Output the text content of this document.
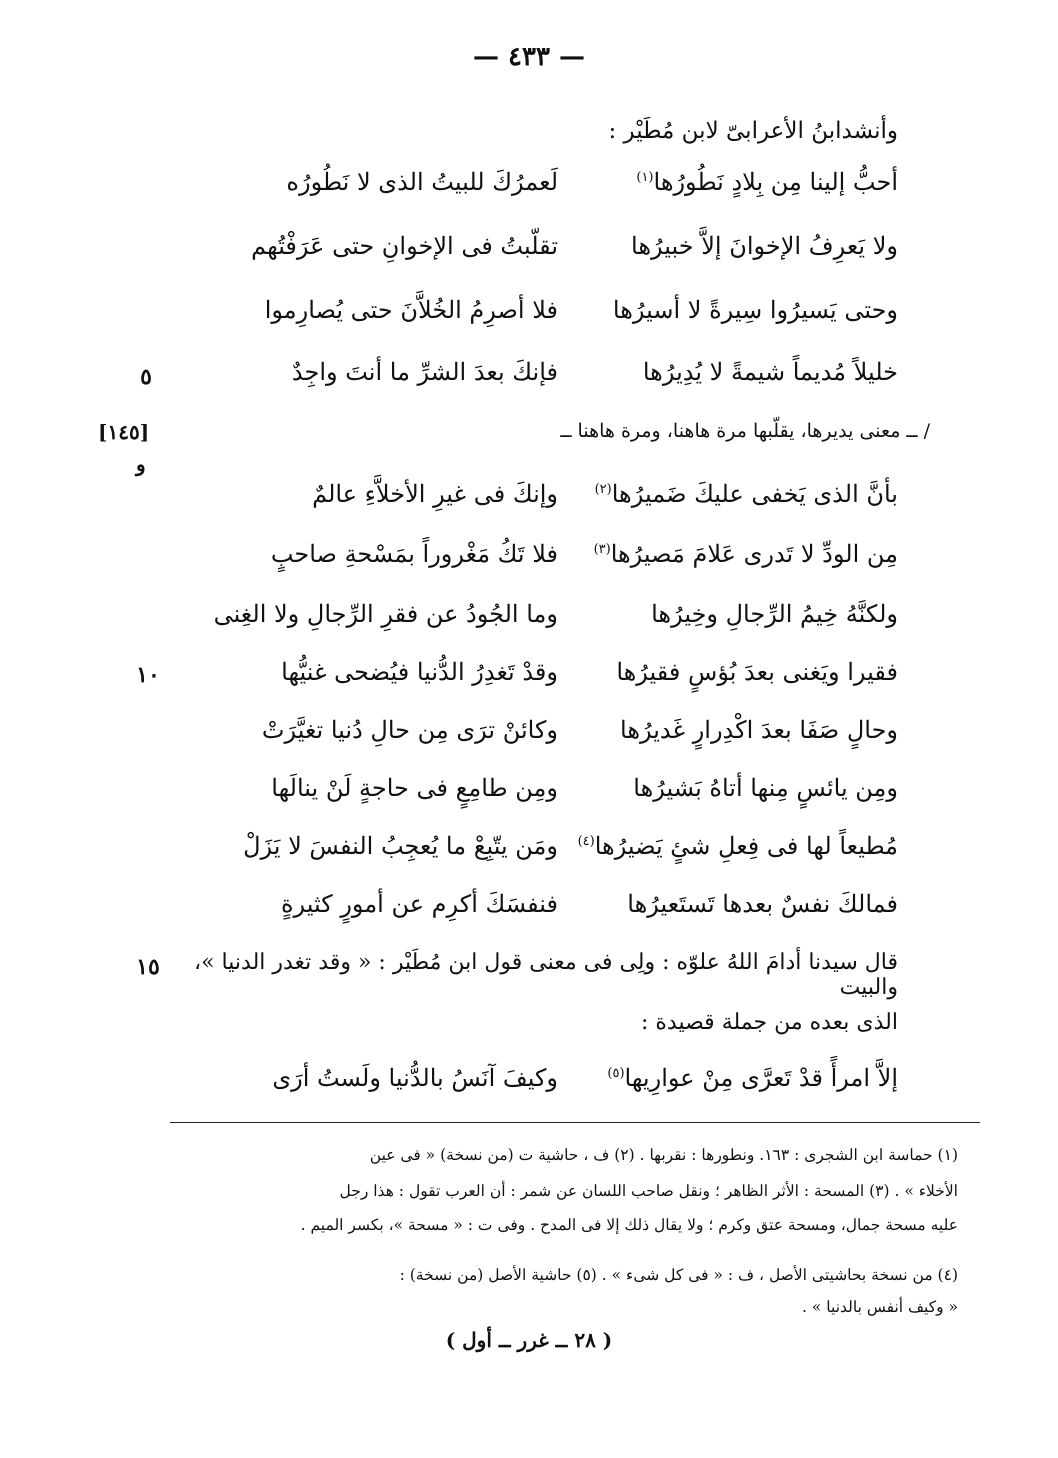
— ٤٣٣ —
وأنشدابنُ الأعرابىّ لابن مُطَيْر :
لَعمرُكَ للبيتُ الذى لا نَطُورُه	أحبُّ إلينا مِن بِلادٍ نَطُورُها$^{(١)}$
تقلّبتُ فى الإخوانِ حتى عَرَفْتُهم	ولا يَعرِفُ الإخوانَ إلاَّ خبيرُها
فلا أصرِمُ الخُلاَّنَ حتى يُصارِموا	وحتى يَسيرُوا سِيرةً لا أسيرُها
فإنكَ بعدَ الشرِّ ما أنتَ واجِدٌ	خليلاً مُديماً شيمةً لا يُدِيرُها
٥
/ ــ معنى يديرها، يقلّبها مرة هاهنا، ومرة هاهنا ــ
[١٤٥]
و
وإنكَ فى غيرِ الأخلاَّءِ عالمٌ	بأنَّ الذى يَخفى عليكَ ضَميرُها$^{(٢)}$
فلا تَكُ مَغْروراً بمَسْحةِ صاحبٍ	مِن الودِّ لا تَدرى عَلامَ مَصيرُها$^{(٣)}$
وما الجُودُ عن فقرِ الرِّجالِ ولا الغِنى	ولكنَّهُ خِيمُ الرِّجالِ وخِيرُها
وقدْ تَغدِرُ الدُّنيا فيُضحى غنيُّها	فقيرا ويَغنى بعدَ بُؤسٍ فقيرُها
١٠
وكائنْ ترَى مِن حالِ دُنيا تغيَّرَتْ	وحالٍ صَفَا بعدَ اكْدِرارٍ غَديرُها
ومِن طامِعٍ فى حاجةٍ لَنْ ينالَها	ومِن يائسٍ مِنها أتاهُ بَشيرُها
ومَن يتّبِعْ ما يُعجِبُ النفسَ لا يَزَلْ	مُطيعاً لها فى فِعلِ شئٍ يَضيرُها$^{(٤)}$
فنفسَكَ أكرِم عن أمورٍ كثيرةٍ	فمالكَ نفسٌ بعدها تَستَعيرُها
قال سيدنا أدامَ اللهُ علوّه : ولِى فى معنى قول ابن مُطَيْر : « وقد تغدر الدنيا »، والبيت
١٥
الذى بعده من جملة قصيدة :
وكيفَ آنَسُ بالدُّنيا ولَستُ أرَى	إلاَّ امرأً قدْ تَعرَّى مِنْ عوارِيها$^{(٥)}$
(١) حماسة ابن الشجرى : ١٦٣. ونطورها : نقربها . (٢) ف ، حاشية ت (من نسخة) « فى عين
الأخلاء » . (٣) المسحة : الأثر الظاهر ؛ ونقل صاحب اللسان عن شمر : أن العرب تقول : هذا رجل
عليه مسحة جمال، ومسحة عتق وكرم ؛ ولا يقال ذلك إلا فى المدح . وفى ت : « مسحة »، بكسر الميم .
(٤) من نسخة بحاشيتى الأصل ، ف : « فى كل شىء » . (٥) حاشية الأصل (من نسخة) :
« وكيف أنفس بالدنيا » .
( ٢٨ ــ غرر ــ أول )
